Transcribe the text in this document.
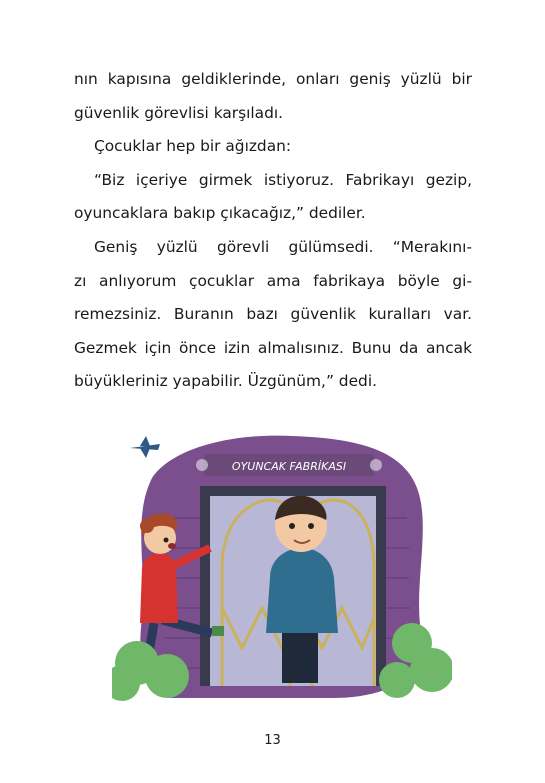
nın kapısına geldiklerinde, onları geniş yüzlü bir

güvenlik görevlisi karşıladı.

Çocuklar hep bir ağızdan:

“Biz içeriye girmek istiyoruz. Fabrikayı gezip,

oyuncaklara bakıp çıkacağız,” dediler.

Geniş yüzlü görevli gülümsedi. “Merakını-

zı anlıyorum çocuklar ama fabrikaya böyle gi-

remezsiniz. Buranın bazı güvenlik kuralları var.

Gezmek için önce izin almalısınız. Bunu da ancak

büyükleriniz yapabilir. Üzgünüm,” dedi.

OYUNCAK FABRİKASI
13
